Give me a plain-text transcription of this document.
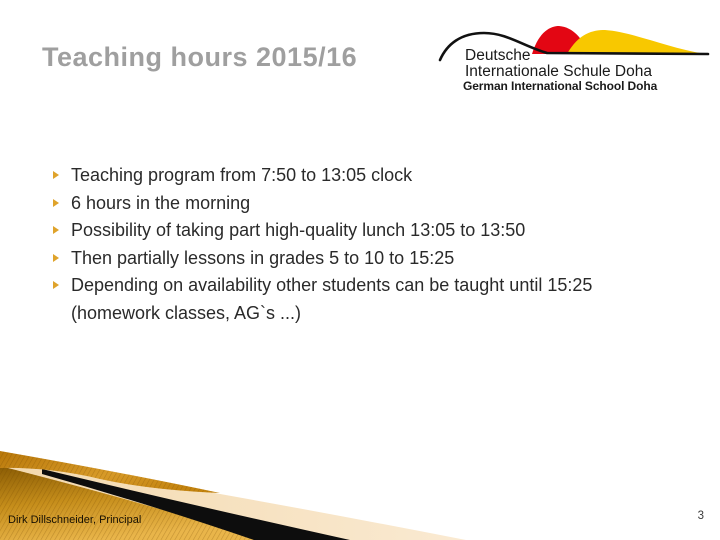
Teaching hours 2015/16	Deutsche
Internationale Schule Doha
German International School Doha
Teaching program from 7:50 to 13:05 clock
6 hours in the morning
Possibility of taking part high-quality lunch 13:05 to 13:50
Then partially lessons in grades 5 to 10 to 15:25
Depending on availability other students can be taught until 15:25 (homework classes, AG`s ...)
Dirk Dillschneider, Principal	3
